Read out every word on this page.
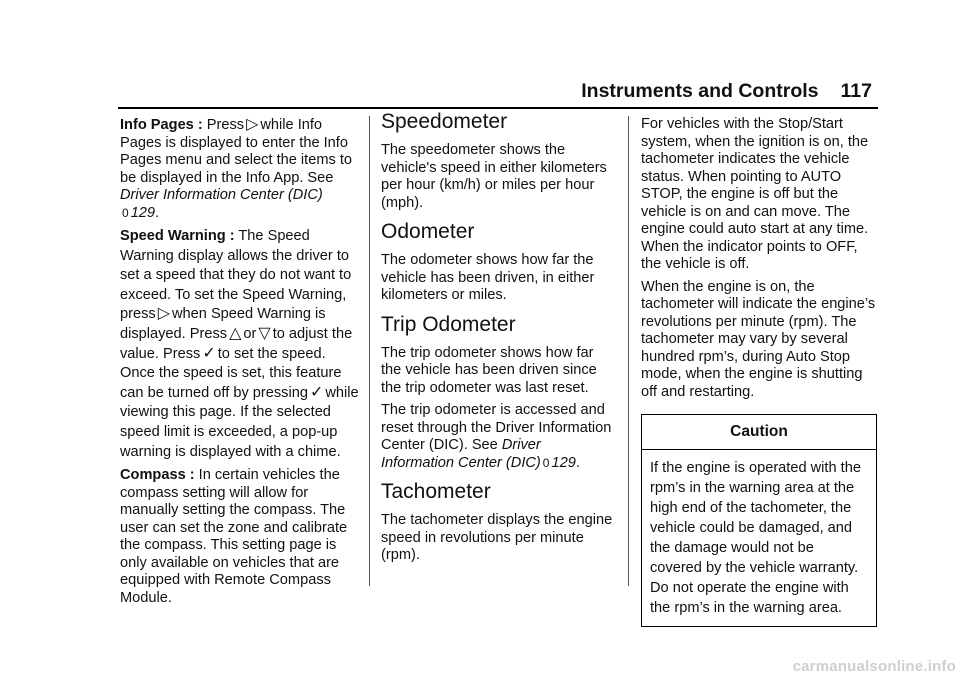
Instruments and Controls 117

Info Pages : Press ▷ while Info Pages is displayed to enter the Info Pages menu and select the items to be displayed in the Info App. See Driver Information Center (DIC)
0 129.

Speed Warning : The Speed Warning display allows the driver to set a speed that they do not want to exceed. To set the Speed Warning, press ▷ when Speed Warning is displayed. Press △ or ▽ to adjust the value. Press ✓ to set the speed. Once the speed is set, this feature can be turned off by pressing ✓ while viewing this page. If the selected speed limit is exceeded, a pop-up warning is displayed with a chime.

Compass : In certain vehicles the compass setting will allow for manually setting the compass. The user can set the zone and calibrate the compass. This setting page is only available on vehicles that are equipped with Remote Compass Module.

Speedometer

The speedometer shows the vehicle's speed in either kilometers per hour (km/h) or miles per hour (mph).

Odometer

The odometer shows how far the vehicle has been driven, in either kilometers or miles.

Trip Odometer

The trip odometer shows how far the vehicle has been driven since the trip odometer was last reset.

The trip odometer is accessed and reset through the Driver Information Center (DIC). See Driver Information Center (DIC) 0 129.

Tachometer

The tachometer displays the engine speed in revolutions per minute (rpm).

For vehicles with the Stop/Start system, when the ignition is on, the tachometer indicates the vehicle status. When pointing to AUTO STOP, the engine is off but the vehicle is on and can move. The engine could auto start at any time. When the indicator points to OFF, the vehicle is off.

When the engine is on, the tachometer will indicate the engine’s revolutions per minute (rpm). The tachometer may vary by several hundred rpm’s, during Auto Stop mode, when the engine is shutting off and restarting.

Caution
If the engine is operated with the rpm’s in the warning area at the high end of the tachometer, the vehicle could be damaged, and the damage would not be covered by the vehicle warranty. Do not operate the engine with the rpm’s in the warning area.
carmanualsonline.info
